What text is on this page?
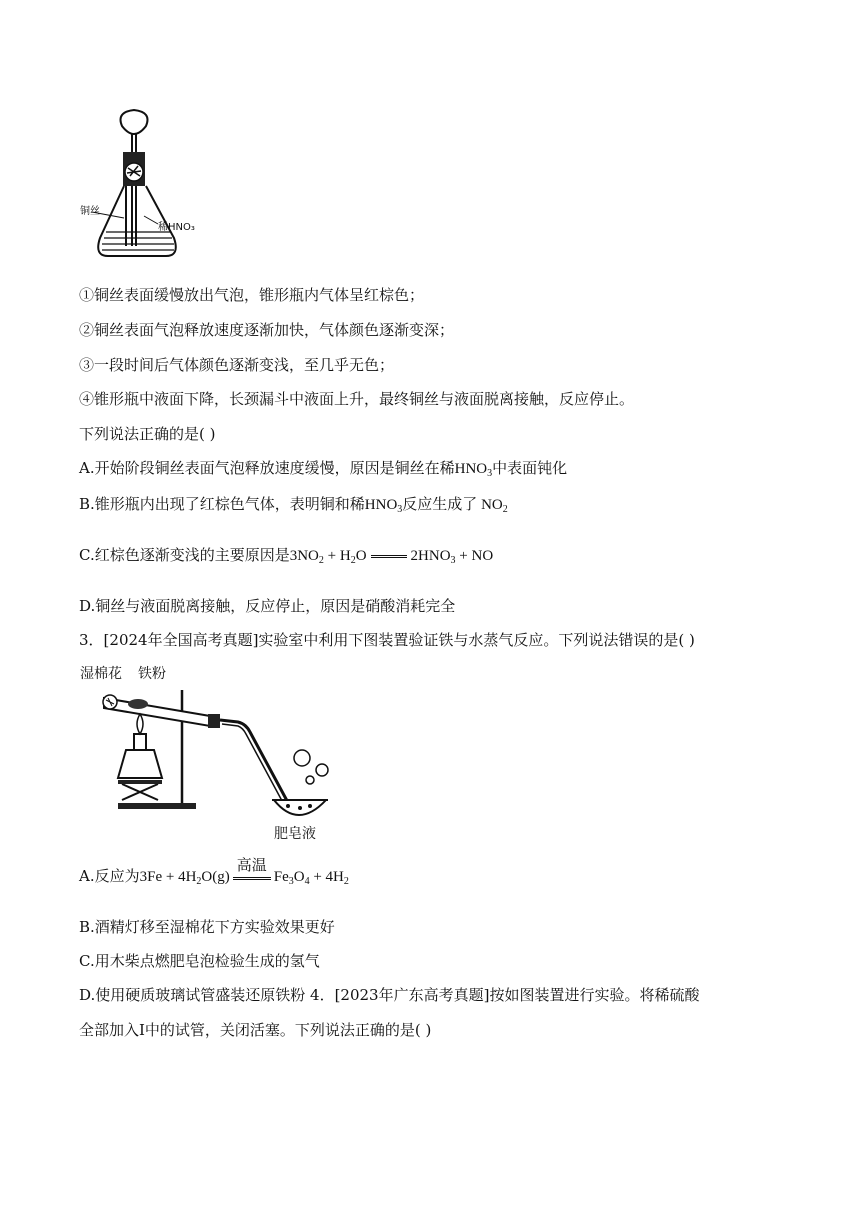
铜丝
稀HNO₃
①铜丝表面缓慢放出气泡，锥形瓶内气体呈红棕色；
②铜丝表面气泡释放速度逐渐加快，气体颜色逐渐变深；
③一段时间后气体颜色逐渐变浅，至几乎无色；
④锥形瓶中液面下降，长颈漏斗中液面上升，最终铜丝与液面脱离接触，反应停止。
下列说法正确的是( )
A.开始阶段铜丝表面气泡释放速度缓慢，原因是铜丝在稀$HNO_3$中表面钝化
B.锥形瓶内出现了红棕色气体，表明铜和稀$HNO_3$反应生成了 $NO_2$
C.红棕色逐渐变浅的主要原因是$3NO_2 + H_2O$	$2HNO_3$ + NO
D.铜丝与液面脱离接触，反应停止，原因是硝酸消耗完全
3．[2024年全国高考真题]实验室中利用下图装置验证铁与水蒸气反应。下列说法错误的是( )
湿棉花 铁粉
肥皂液
A.反应为$3Fe + 4H_2O(g)$
高温
$Fe_3O_4 + 4H_2$
B.酒精灯移至湿棉花下方实验效果更好
C.用木柴点燃肥皂泡检验生成的氢气
D.使用硬质玻璃试管盛装还原铁粉 4．[2023年广东高考真题]按如图装置进行实验。将稀硫酸
全部加入Ⅰ中的试管，关闭活塞。下列说法正确的是( )
